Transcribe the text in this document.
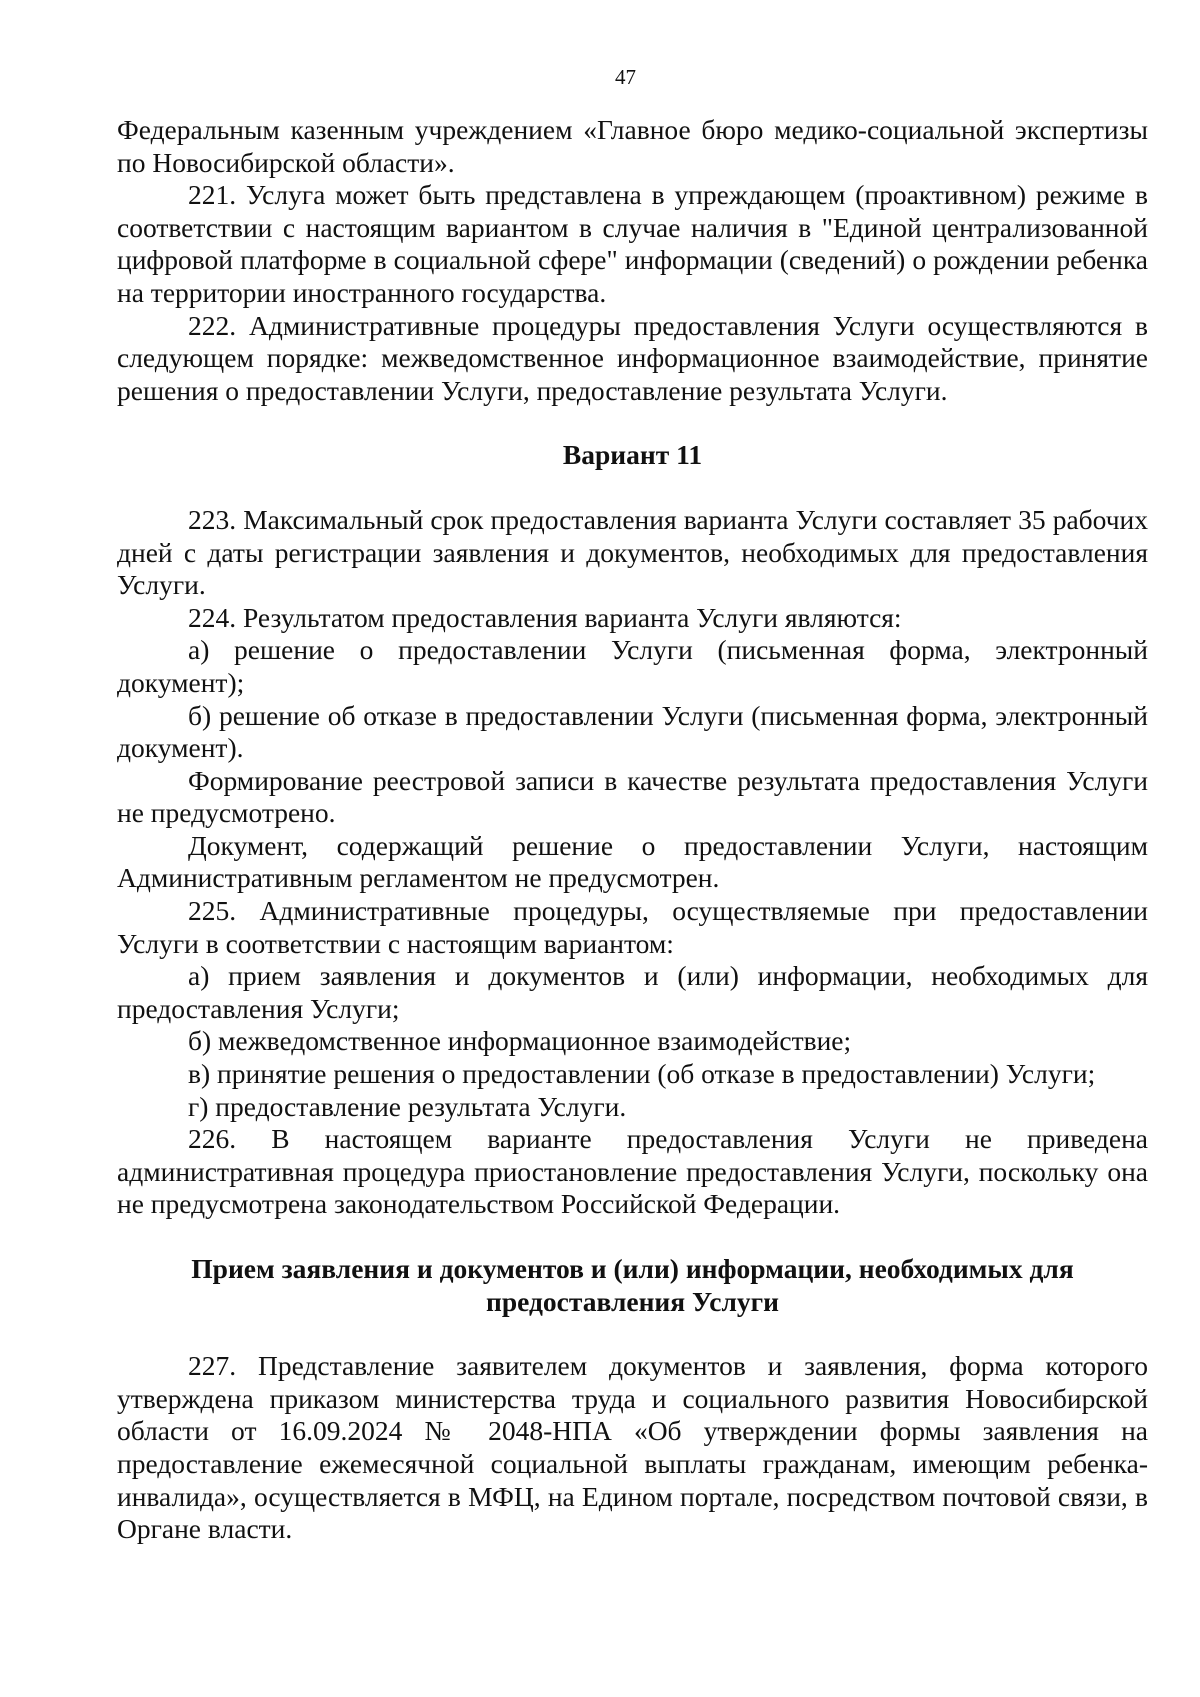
47

Федеральным казенным учреждением «Главное бюро медико-социальной экспертизы по Новосибирской области».

221. Услуга может быть представлена в упреждающем (проактивном) режиме в соответствии с настоящим вариантом в случае наличия в "Единой централизованной цифровой платформе в социальной сфере" информации (сведений) о рождении ребенка на территории иностранного государства.

222. Административные процедуры предоставления Услуги осуществляются в следующем порядке: межведомственное информационное взаимодействие, принятие решения о предоставлении Услуги, предоставление результата Услуги.

Вариант 11

223. Максимальный срок предоставления варианта Услуги составляет 35 рабочих дней с даты регистрации заявления и документов, необходимых для предоставления Услуги.

224. Результатом предоставления варианта Услуги являются:

а) решение о предоставлении Услуги (письменная форма, электронный документ);

б) решение об отказе в предоставлении Услуги (письменная форма, электронный документ).

Формирование реестровой записи в качестве результата предоставления Услуги не предусмотрено.

Документ, содержащий решение о предоставлении Услуги, настоящим Административным регламентом не предусмотрен.

225. Административные процедуры, осуществляемые при предоставлении Услуги в соответствии с настоящим вариантом:

а) прием заявления и документов и (или) информации, необходимых для предоставления Услуги;

б) межведомственное информационное взаимодействие;

в) принятие решения о предоставлении (об отказе в предоставлении) Услуги;

г) предоставление результата Услуги.

226. В настоящем варианте предоставления Услуги не приведена административная процедура приостановление предоставления Услуги, поскольку она не предусмотрена законодательством Российской Федерации.

Прием заявления и документов и (или) информации, необходимых для
предоставления Услуги

227. Представление заявителем документов и заявления, форма которого утверждена приказом министерства труда и социального развития Новосибирской области от 16.09.2024 № 2048-НПА «Об утверждении формы заявления на предоставление ежемесячной социальной выплаты гражданам, имеющим ребенка-инвалида», осуществляется в МФЦ, на Едином портале, посредством почтовой связи, в Органе власти.
